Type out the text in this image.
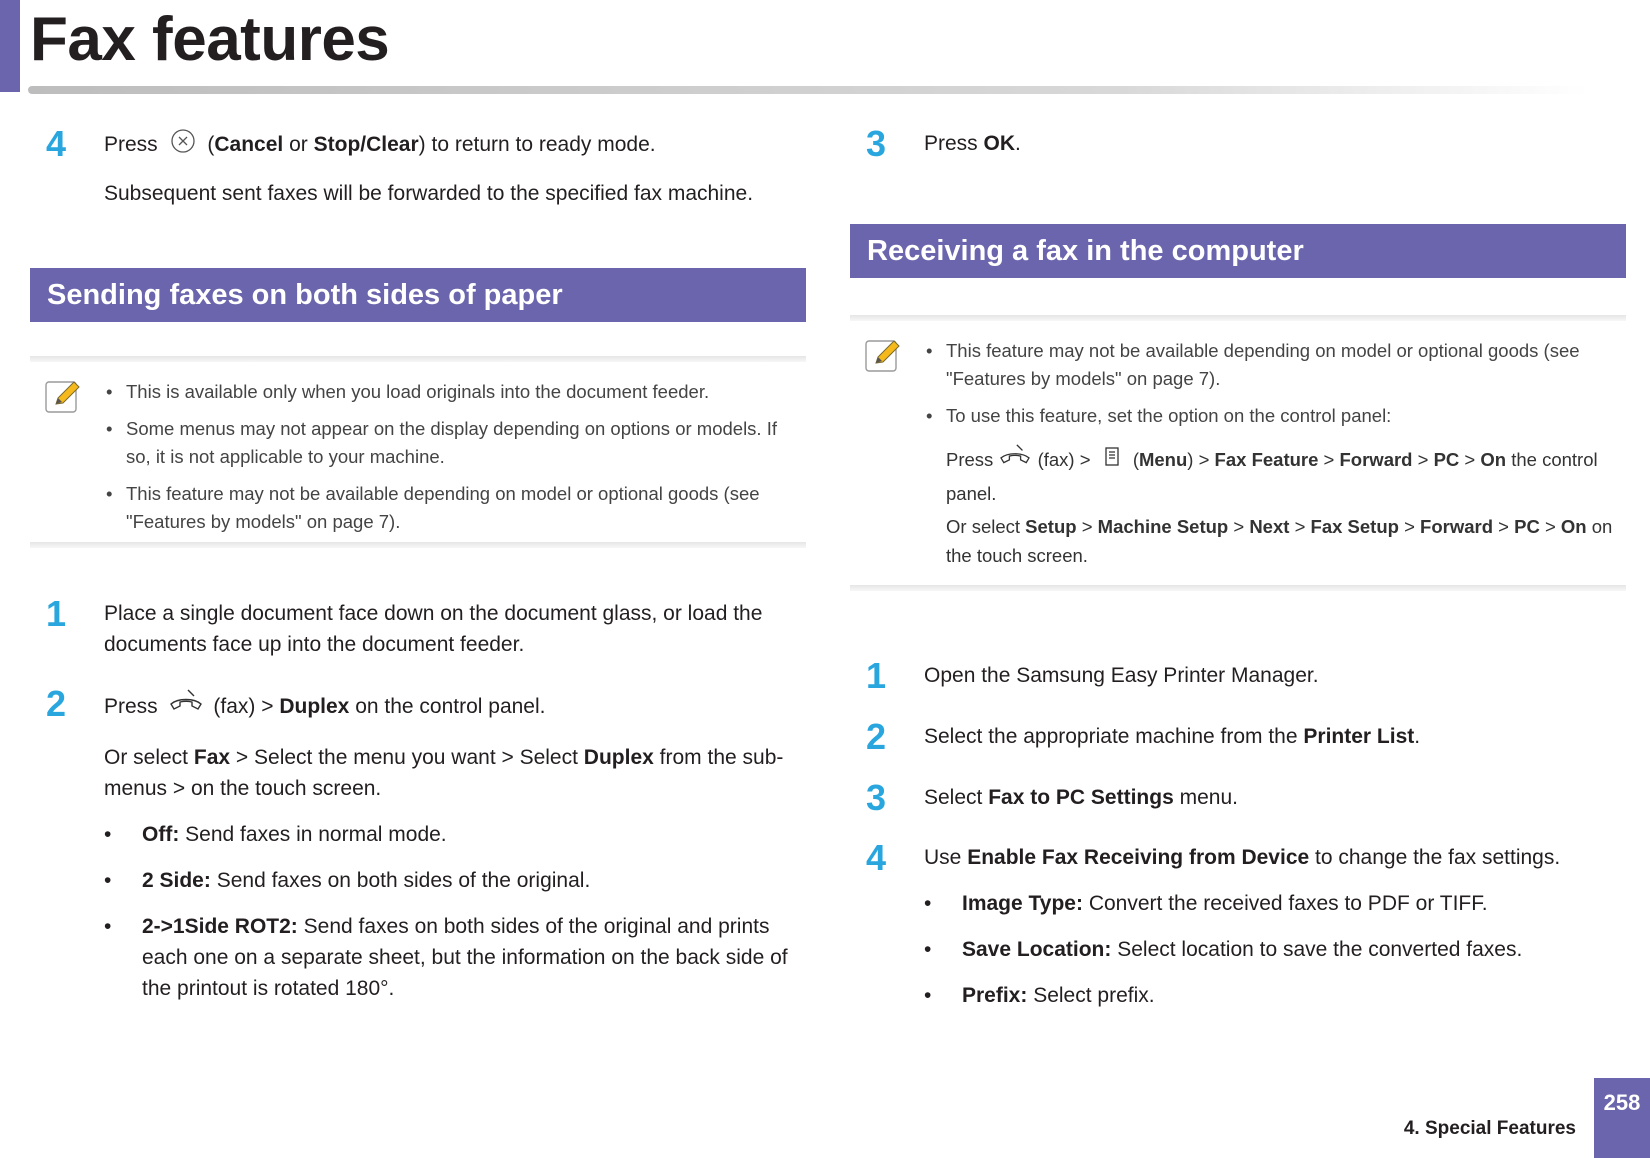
Fax features
4	Press (Cancel or Stop/Clear) to return to ready mode.

Subsequent sent faxes will be forwarded to the specified fax machine.

Sending faxes on both sides of paper
• This is available only when you load originals into the document feeder.
• Some menus may not appear on the display depending on options or models. If so, it is not applicable to your machine.
• This feature may not be available depending on model or optional goods (see "Features by models" on page 7).
1	Place a single document face down on the document glass, or load the documents face up into the document feeder.

2	Press	(fax) > Duplex on the control panel.

Or select Fax > Select the menu you want > Select Duplex from the sub-menus > on the touch screen.

• Off: Send faxes in normal mode.
• 2 Side: Send faxes on both sides of the original.
• 2->1Side ROT2: Send faxes on both sides of the original and prints each one on a separate sheet, but the information on the back side of the printout is rotated 180°.
3	Press OK.

Receiving a fax in the computer
• This feature may not be available depending on model or optional goods (see "Features by models" on page 7).
• To use this feature, set the option on the control panel:
Press (fax) > (Menu) > Fax Feature > Forward > PC > On the control panel.
Or select Setup > Machine Setup > Next > Fax Setup > Forward > PC > On on the touch screen.
1	Open the Samsung Easy Printer Manager.

2	Select the appropriate machine from the Printer List.

3	Select Fax to PC Settings menu.

4	Use Enable Fax Receiving from Device to change the fax settings.

• Image Type: Convert the received faxes to PDF or TIFF.
• Save Location: Select location to save the converted faxes.
• Prefix: Select prefix.
4. Special Features
258
